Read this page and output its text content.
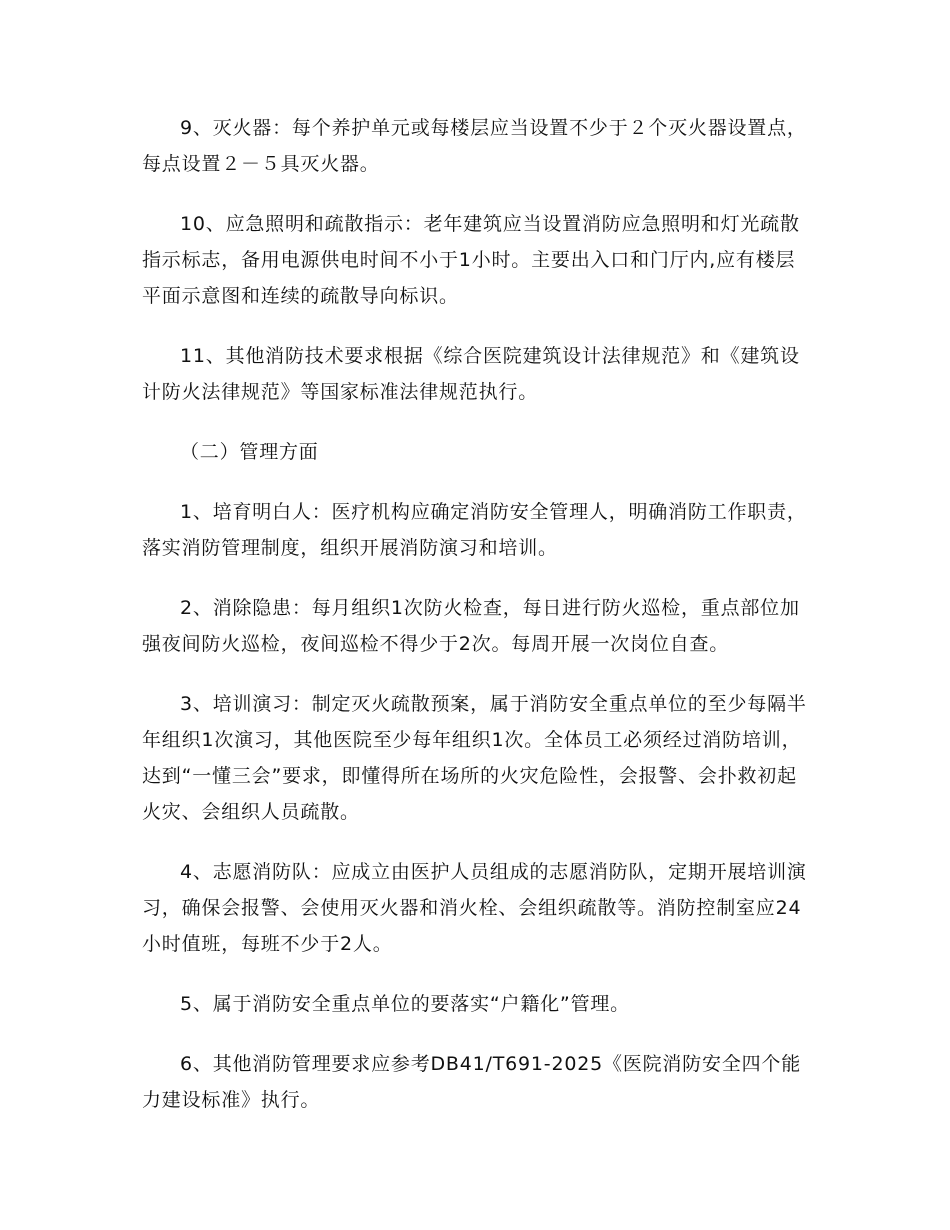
9、灭火器：每个养护单元或每楼层应当设置不少于２个灭火器设置点，每点设置２－５具灭火器。

10、应急照明和疏散指示：老年建筑应当设置消防应急照明和灯光疏散指示标志，备用电源供电时间不小于1小时。主要出入口和门厅内,应有楼层平面示意图和连续的疏散导向标识。

11、其他消防技术要求根据《综合医院建筑设计法律规范》和《建筑设计防火法律规范》等国家标准法律规范执行。

（二）管理方面

1、培育明白人：医疗机构应确定消防安全管理人，明确消防工作职责，落实消防管理制度，组织开展消防演习和培训。

2、消除隐患：每月组织1次防火检查，每日进行防火巡检，重点部位加强夜间防火巡检，夜间巡检不得少于2次。每周开展一次岗位自查。

3、培训演习：制定灭火疏散预案，属于消防安全重点单位的至少每隔半年组织1次演习，其他医院至少每年组织1次。全体员工必须经过消防培训，达到“一懂三会”要求，即懂得所在场所的火灾危险性，会报警、会扑救初起火灾、会组织人员疏散。

4、志愿消防队：应成立由医护人员组成的志愿消防队，定期开展培训演习，确保会报警、会使用灭火器和消火栓、会组织疏散等。消防控制室应24小时值班，每班不少于2人。

5、属于消防安全重点单位的要落实“户籍化”管理。

6、其他消防管理要求应参考DB41/T691-2025《医院消防安全四个能力建设标准》执行。
